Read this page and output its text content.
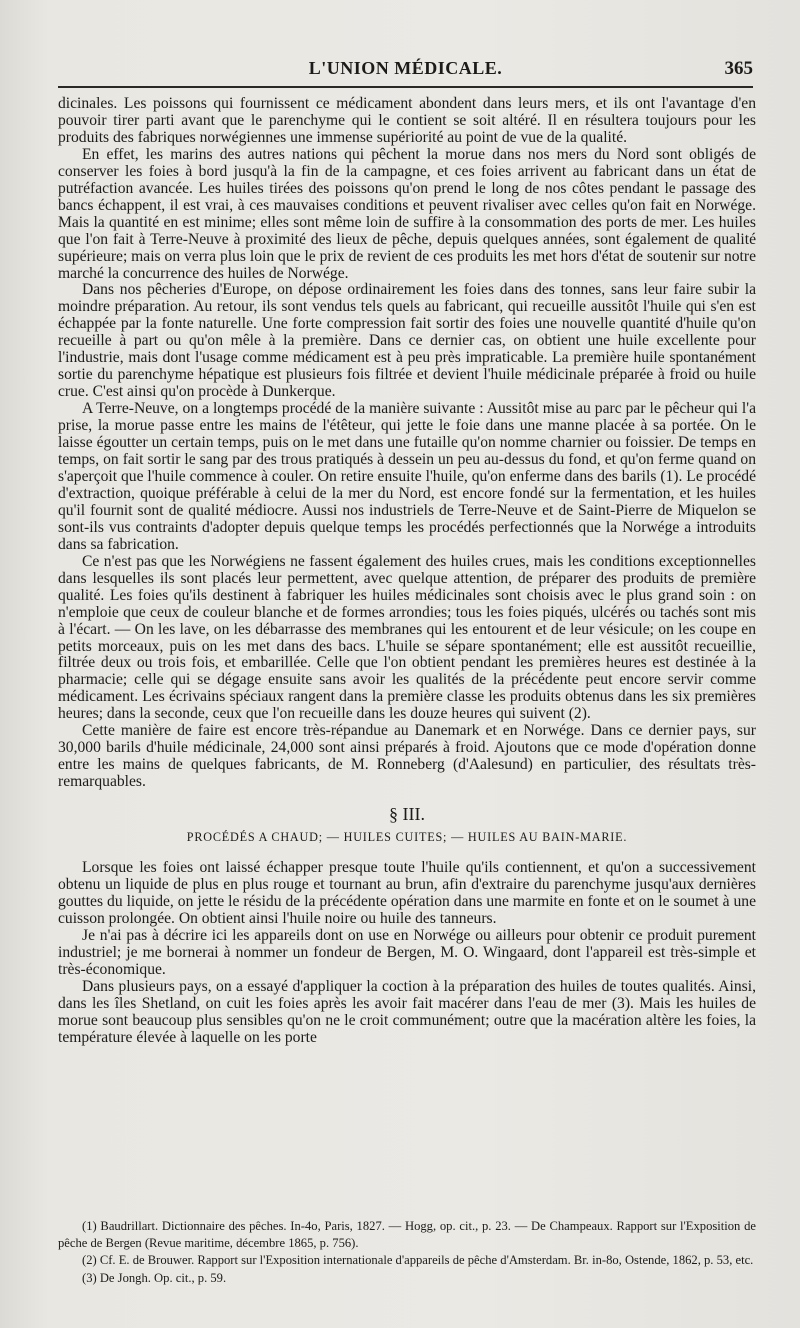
L'UNION MÉDICALE.	365

dicinales. Les poissons qui fournissent ce médicament abondent dans leurs mers, et ils ont l'avantage d'en pouvoir tirer parti avant que le parenchyme qui le contient se soit altéré. Il en résultera toujours pour les produits des fabriques norwégiennes une immense supériorité au point de vue de la qualité.

En effet, les marins des autres nations qui pêchent la morue dans nos mers du Nord sont obligés de conserver les foies à bord jusqu'à la fin de la campagne, et ces foies arrivent au fabricant dans un état de putréfaction avancée. Les huiles tirées des poissons qu'on prend le long de nos côtes pendant le passage des bancs échappent, il est vrai, à ces mauvaises conditions et peuvent rivaliser avec celles qu'on fait en Norwége. Mais la quantité en est minime; elles sont même loin de suffire à la consommation des ports de mer. Les huiles que l'on fait à Terre-Neuve à proximité des lieux de pêche, depuis quelques années, sont également de qualité supérieure; mais on verra plus loin que le prix de revient de ces produits les met hors d'état de soutenir sur notre marché la concurrence des huiles de Norwége.

Dans nos pêcheries d'Europe, on dépose ordinairement les foies dans des tonnes, sans leur faire subir la moindre préparation. Au retour, ils sont vendus tels quels au fabricant, qui recueille aussitôt l'huile qui s'en est échappée par la fonte naturelle. Une forte compression fait sortir des foies une nouvelle quantité d'huile qu'on recueille à part ou qu'on mêle à la première. Dans ce dernier cas, on obtient une huile excellente pour l'industrie, mais dont l'usage comme médicament est à peu près impraticable. La première huile spontanément sortie du parenchyme hépatique est plusieurs fois filtrée et devient l'huile médicinale préparée à froid ou huile crue. C'est ainsi qu'on procède à Dunkerque.

A Terre-Neuve, on a longtemps procédé de la manière suivante : Aussitôt mise au parc par le pêcheur qui l'a prise, la morue passe entre les mains de l'étêteur, qui jette le foie dans une manne placée à sa portée. On le laisse égoutter un certain temps, puis on le met dans une futaille qu'on nomme charnier ou foissier. De temps en temps, on fait sortir le sang par des trous pratiqués à dessein un peu au-dessus du fond, et qu'on ferme quand on s'aperçoit que l'huile commence à couler. On retire ensuite l'huile, qu'on enferme dans des barils (1). Le procédé d'extraction, quoique préférable à celui de la mer du Nord, est encore fondé sur la fermentation, et les huiles qu'il fournit sont de qualité médiocre. Aussi nos industriels de Terre-Neuve et de Saint-Pierre de Miquelon se sont-ils vus contraints d'adopter depuis quelque temps les procédés perfectionnés que la Norwége a introduits dans sa fabrication.

Ce n'est pas que les Norwégiens ne fassent également des huiles crues, mais les conditions exceptionnelles dans lesquelles ils sont placés leur permettent, avec quelque attention, de préparer des produits de première qualité. Les foies qu'ils destinent à fabriquer les huiles médicinales sont choisis avec le plus grand soin : on n'emploie que ceux de couleur blanche et de formes arrondies; tous les foies piqués, ulcérés ou tachés sont mis à l'écart. — On les lave, on les débarrasse des membranes qui les entourent et de leur vésicule; on les coupe en petits morceaux, puis on les met dans des bacs. L'huile se sépare spontanément; elle est aussitôt recueillie, filtrée deux ou trois fois, et embarillée. Celle que l'on obtient pendant les premières heures est destinée à la pharmacie; celle qui se dégage ensuite sans avoir les qualités de la précédente peut encore servir comme médicament. Les écrivains spéciaux rangent dans la première classe les produits obtenus dans les six premières heures; dans la seconde, ceux que l'on recueille dans les douze heures qui suivent (2).

Cette manière de faire est encore très-répandue au Danemark et en Norwége. Dans ce dernier pays, sur 30,000 barils d'huile médicinale, 24,000 sont ainsi préparés à froid. Ajoutons que ce mode d'opération donne entre les mains de quelques fabricants, de M. Ronneberg (d'Aalesund) en particulier, des résultats très-remarquables.

§ III.
PROCÉDÉS A CHAUD; — HUILES CUITES; — HUILES AU BAIN-MARIE.

Lorsque les foies ont laissé échapper presque toute l'huile qu'ils contiennent, et qu'on a successivement obtenu un liquide de plus en plus rouge et tournant au brun, afin d'extraire du parenchyme jusqu'aux dernières gouttes du liquide, on jette le résidu de la précédente opération dans une marmite en fonte et on le soumet à une cuisson prolongée. On obtient ainsi l'huile noire ou huile des tanneurs.

Je n'ai pas à décrire ici les appareils dont on use en Norwége ou ailleurs pour obtenir ce produit purement industriel; je me bornerai à nommer un fondeur de Bergen, M. O. Wingaard, dont l'appareil est très-simple et très-économique.

Dans plusieurs pays, on a essayé d'appliquer la coction à la préparation des huiles de toutes qualités. Ainsi, dans les îles Shetland, on cuit les foies après les avoir fait macérer dans l'eau de mer (3). Mais les huiles de morue sont beaucoup plus sensibles qu'on ne le croit communément; outre que la macération altère les foies, la température élevée à laquelle on les porte

(1) Baudrillart. Dictionnaire des pêches. In-4o, Paris, 1827. — Hogg, op. cit., p. 23. — De Champeaux. Rapport sur l'Exposition de pêche de Bergen (Revue maritime, décembre 1865, p. 756).

(2) Cf. E. de Brouwer. Rapport sur l'Exposition internationale d'appareils de pêche d'Amsterdam. Br. in-8o, Ostende, 1862, p. 53, etc.

(3) De Jongh. Op. cit., p. 59.
